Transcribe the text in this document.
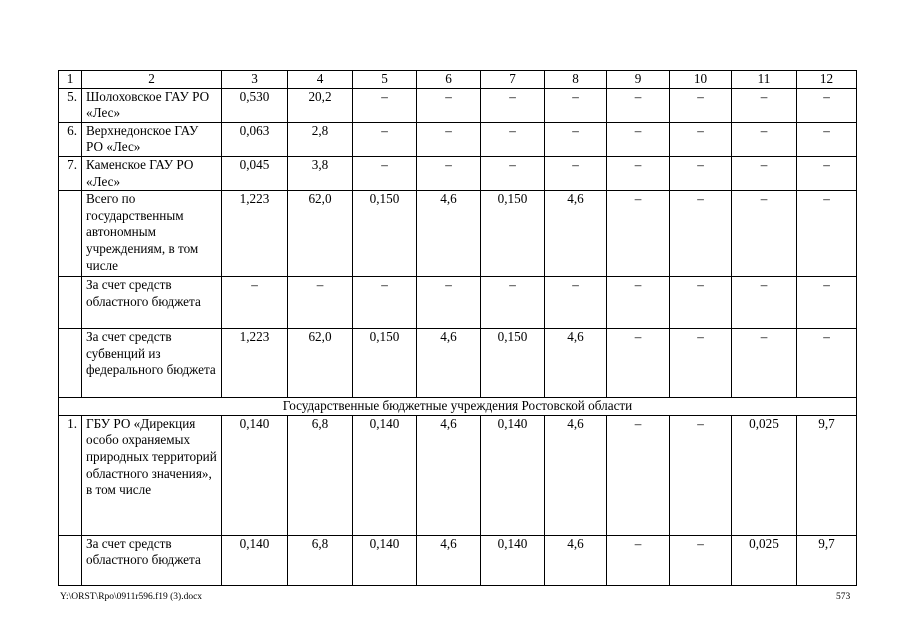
1	2	3	4	5	6	7	8	9	10	11	12
5.	Шолоховское ГАУ РО «Лес»	0,530	20,2	–	–	–	–	–	–	–	–
6.	Верхнедонское ГАУ РО «Лес»	0,063	2,8	–	–	–	–	–	–	–	–
7.	Каменское ГАУ РО «Лес»	0,045	3,8	–	–	–	–	–	–	–	–
	Всего по государственным автономным учреждениям, в том числе	1,223	62,0	0,150	4,6	0,150	4,6	–	–	–	–
	За счет средств областного бюджета	–	–	–	–	–	–	–	–	–	–
	За счет средств субвенций из федерального бюджета	1,223	62,0	0,150	4,6	0,150	4,6	–	–	–	–
Государственные бюджетные учреждения Ростовской области											
1.	ГБУ РО «Дирекция особо охраняемых природных территорий областного значения», в том числе	0,140	6,8	0,140	4,6	0,140	4,6	–	–	0,025	9,7
	За счет средств областного бюджета	0,140	6,8	0,140	4,6	0,140	4,6	–	–	0,025	9,7
Y:\ORST\Rpo\0911r596.f19 (3).docx	573
